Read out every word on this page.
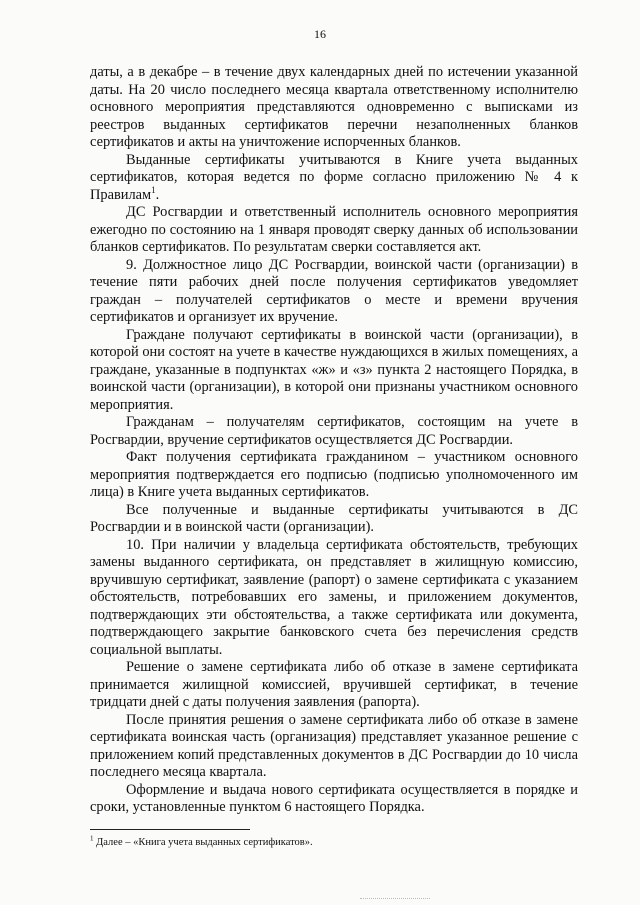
16

даты, а в декабре – в течение двух календарных дней по истечении указанной даты. На 20 число последнего месяца квартала ответственному исполнителю основного мероприятия представляются одновременно с выписками из реестров выданных сертификатов перечни незаполненных бланков сертификатов и акты на уничтожение испорченных бланков.

Выданные сертификаты учитываются в Книге учета выданных сертификатов, которая ведется по форме согласно приложению № 4 к Правилам$^1$.

ДС Росгвардии и ответственный исполнитель основного мероприятия ежегодно по состоянию на 1 января проводят сверку данных об использовании бланков сертификатов. По результатам сверки составляется акт.

9. Должностное лицо ДС Росгвардии, воинской части (организации) в течение пяти рабочих дней после получения сертификатов уведомляет граждан – получателей сертификатов о месте и времени вручения сертификатов и организует их вручение.

Граждане получают сертификаты в воинской части (организации), в которой они состоят на учете в качестве нуждающихся в жилых помещениях, а граждане, указанные в подпунктах «ж» и «з» пункта 2 настоящего Порядка, в воинской части (организации), в которой они признаны участником основного мероприятия.

Гражданам – получателям сертификатов, состоящим на учете в Росгвардии, вручение сертификатов осуществляется ДС Росгвардии.

Факт получения сертификата гражданином – участником основного мероприятия подтверждается его подписью (подписью уполномоченного им лица) в Книге учета выданных сертификатов.

Все полученные и выданные сертификаты учитываются в ДС Росгвардии и в воинской части (организации).

10. При наличии у владельца сертификата обстоятельств, требующих замены выданного сертификата, он представляет в жилищную комиссию, вручившую сертификат, заявление (рапорт) о замене сертификата с указанием обстоятельств, потребовавших его замены, и приложением документов, подтверждающих эти обстоятельства, а также сертификата или документа, подтверждающего закрытие банковского счета без перечисления средств социальной выплаты.

Решение о замене сертификата либо об отказе в замене сертификата принимается жилищной комиссией, вручившей сертификат, в течение тридцати дней с даты получения заявления (рапорта).

После принятия решения о замене сертификата либо об отказе в замене сертификата воинская часть (организация) представляет указанное решение с приложением копий представленных документов в ДС Росгвардии до 10 числа последнего месяца квартала.

Оформление и выдача нового сертификата осуществляется в порядке и сроки, установленные пунктом 6 настоящего Порядка.

$^1$ Далее – «Книга учета выданных сертификатов».
